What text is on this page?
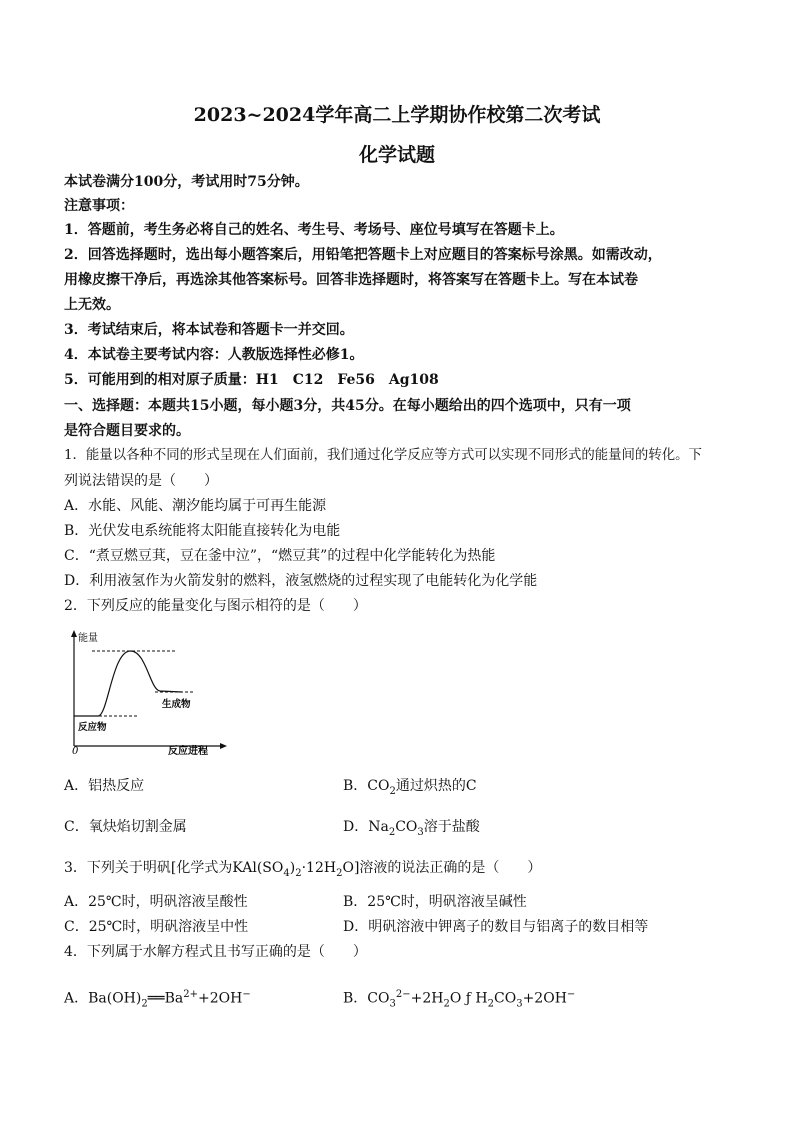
2023~2024学年高二上学期协作校第二次考试
化学试题
本试卷满分100分，考试用时75分钟。
注意事项：
1．答题前，考生务必将自己的姓名、考生号、考场号、座位号填写在答题卡上。
2．回答选择题时，选出每小题答案后，用铅笔把答题卡上对应题目的答案标号涂黑。如需改动，
用橡皮擦干净后，再选涂其他答案标号。回答非选择题时，将答案写在答题卡上。写在本试卷
上无效。
3．考试结束后，将本试卷和答题卡一并交回。
4．本试卷主要考试内容：人教版选择性必修1。
5．可能用到的相对原子质量：H1　C12　Fe56　Ag108
一、选择题：本题共15小题，每小题3分，共45分。在每小题给出的四个选项中，只有一项
是符合题目要求的。
1．能量以各种不同的形式呈现在人们面前，我们通过化学反应等方式可以实现不同形式的能量间的转化。下
列说法错误的是（　　）
A．水能、风能、潮汐能均属于可再生能源
B．光伏发电系统能将太阳能直接转化为电能
C．“煮豆燃豆萁，豆在釜中泣”，“燃豆萁”的过程中化学能转化为热能
D．利用液氢作为火箭发射的燃料，液氢燃烧的过程实现了电能转化为化学能
2．下列反应的能量变化与图示相符的是（　　）
能量
反应进程
0
反应物
生成物
A．铝热反应	B．$CO_2$通过炽热的C
C．氧炔焰切割金属	D．$Na_2CO_3$溶于盐酸
3．下列关于明矾[化学式为$KAl(SO_4)_2\cdot 12H_2O$]溶液的说法正确的是（　　）
A．25℃时，明矾溶液呈酸性	B．25℃时，明矾溶液呈碱性
C．25℃时，明矾溶液呈中性	D．明矾溶液中钾离子的数目与铝离子的数目相等
4．下列属于水解方程式且书写正确的是（　　）
A．$Ba(OH)_2══Ba^{2+}+2OH^-$	B．$CO_3^{2-}+2H_2O$ ƒ $H_2CO_3+2OH^-$
